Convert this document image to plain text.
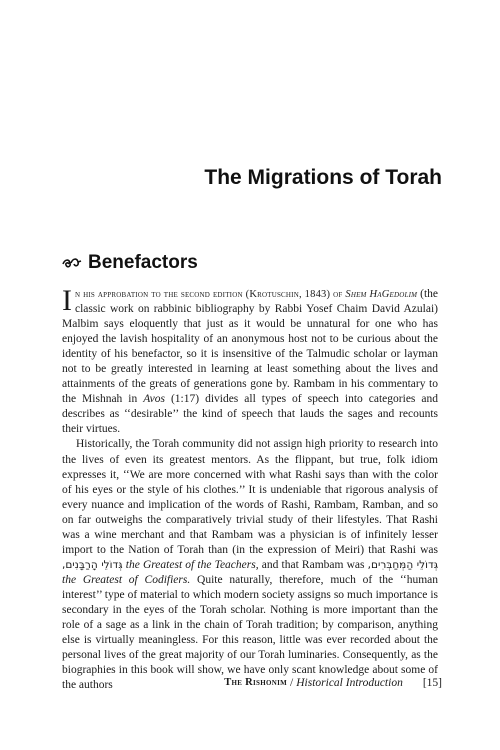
The Migrations of Torah
Benefactors

In his approbation to the second edition (Krotuschin, 1843) of Shem HaGedolim (the classic work on rabbinic bibliography by Rabbi Yosef Chaim David Azulai) Malbim says eloquently that just as it would be unnatural for one who has enjoyed the lavish hospitality of an anonymous host not to be curious about the identity of his benefactor, so it is insensitive of the Talmudic scholar or layman not to be greatly interested in learning at least something about the lives and attainments of the greats of generations gone by. Rambam in his commentary to the Mishnah in Avos (1:17) divides all types of speech into categories and describes as ‘‘desirable’’ the kind of speech that lauds the sages and recounts their virtues.

Historically, the Torah community did not assign high priority to research into the lives of even its greatest mentors. As the flippant, but true, folk idiom expresses it, ‘‘We are more concerned with what Rashi says than with the color of his eyes or the style of his clothes.’’ It is undeniable that rigorous analysis of every nuance and implication of the words of Rashi, Rambam, Ramban, and so on far outweighs the comparatively trivial study of their lifestyles. That Rashi was a wine merchant and that Rambam was a physician is of infinitely lesser import to the Nation of Torah than (in the expression of Meiri) that Rashi was גְּדוֹלֵי הָרַבָּנִים, the Greatest of the Teachers, and that Rambam was גְּדוֹלֵי הַמְּחַבְּרִים, the Greatest of Codifiers. Quite naturally, therefore, much of the ‘‘human interest’’ type of material to which modern society assigns so much importance is secondary in the eyes of the Torah scholar. Nothing is more important than the role of a sage as a link in the chain of Torah tradition; by comparison, anything else is virtually meaningless. For this reason, little was ever recorded about the personal lives of the great majority of our Torah luminaries. Consequently, as the biographies in this book will show, we have only scant knowledge about some of the authors	The Rishonim / Historical Introduction [15]
